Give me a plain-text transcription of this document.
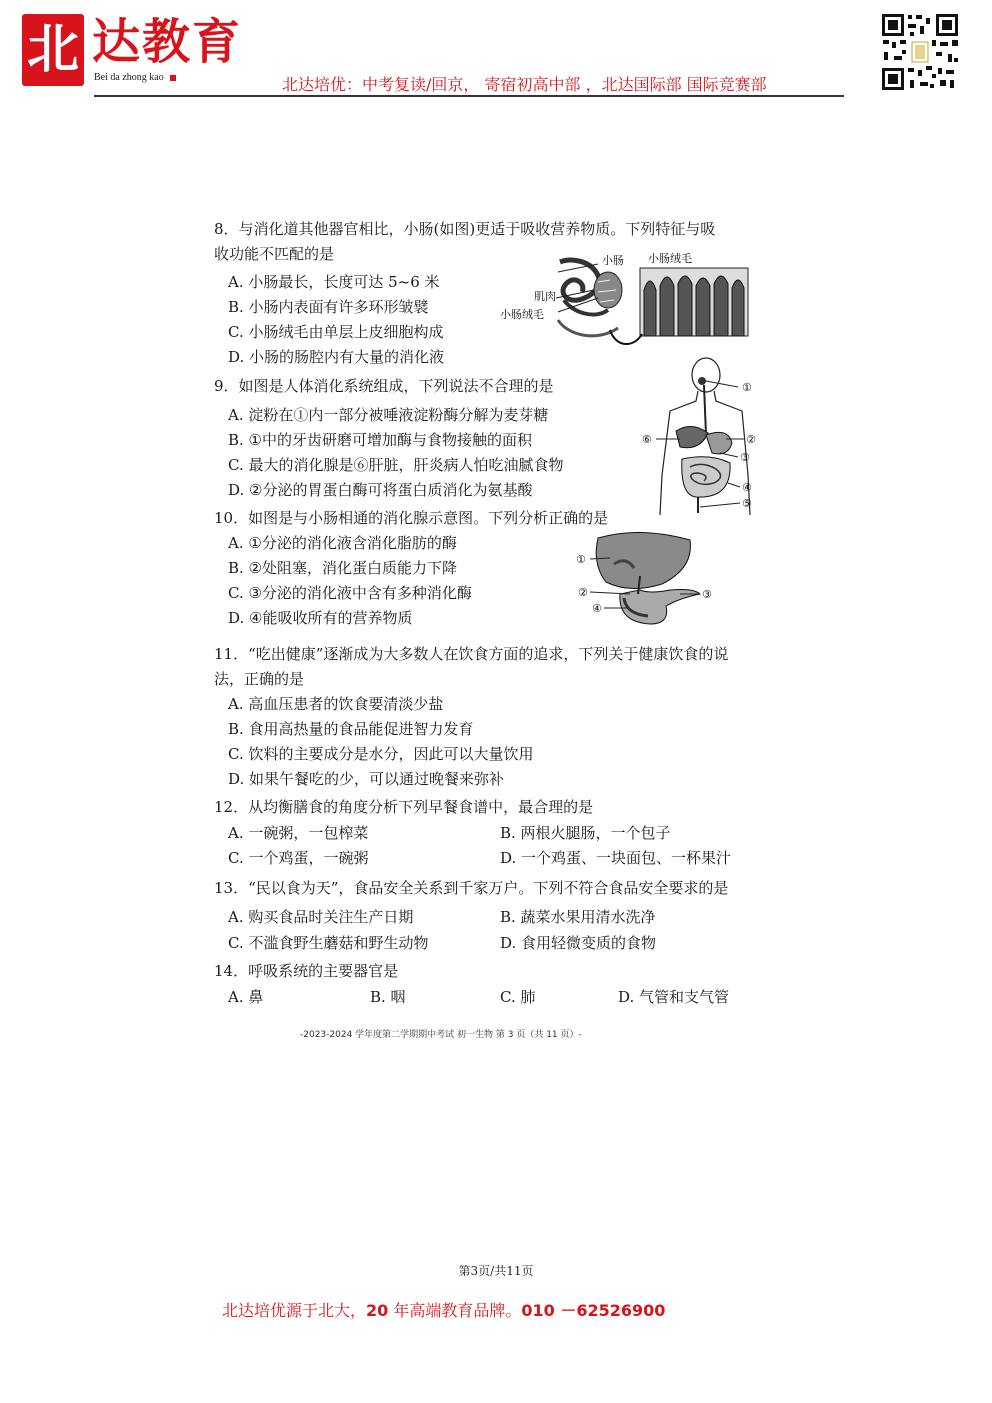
北 达教育
Bei da zhong kao	北达培优：中考复读/回京， 寄宿初高中部 ，北达国际部 国际竞赛部
8．与消化道其他器官相比，小肠(如图)更适于吸收营养物质。下列特征与吸
收功能不匹配的是
A. 小肠最长，长度可达 5~6 米
B. 小肠内表面有许多环形皱襞
C. 小肠绒毛由单层上皮细胞构成
D. 小肠的肠腔内有大量的消化液
小肠
肌肉
小肠绒毛
小肠绒毛
9．如图是人体消化系统组成，下列说法不合理的是
A. 淀粉在①内一部分被唾液淀粉酶分解为麦芽糖
B. ①中的牙齿研磨可增加酶与食物接触的面积
C. 最大的消化腺是⑥肝脏，肝炎病人怕吃油腻食物
D. ②分泌的胃蛋白酶可将蛋白质消化为氨基酸
①
②
③
④
⑤
⑥
10．如图是与小肠相通的消化腺示意图。下列分析正确的是
A. ①分泌的消化液含消化脂肪的酶
B. ②处阻塞，消化蛋白质能力下降
C. ③分泌的消化液中含有多种消化酶
D. ④能吸收所有的营养物质
①
②	③
④
11．“吃出健康”逐渐成为大多数人在饮食方面的追求，下列关于健康饮食的说
法，正确的是
A. 高血压患者的饮食要清淡少盐
B. 食用高热量的食品能促进智力发育
C. 饮料的主要成分是水分，因此可以大量饮用
D. 如果午餐吃的少，可以通过晚餐来弥补
12．从均衡膳食的角度分析下列早餐食谱中，最合理的是
A. 一碗粥，一包榨菜	B. 两根火腿肠，一个包子
C. 一个鸡蛋，一碗粥	D. 一个鸡蛋、一块面包、一杯果汁
13．“民以食为天”，食品安全关系到千家万户。下列不符合食品安全要求的是
A. 购买食品时关注生产日期	B. 蔬菜水果用清水洗净
C. 不滥食野生蘑菇和野生动物	D. 食用轻微变质的食物
14．呼吸系统的主要器官是
A. 鼻	B. 咽	C. 肺	D. 气管和支气管
-2023-2024 学年度第二学期期中考试 初一生物 第 3 页（共 11 页）-
第3页/共11页
北达培优源于北大，20 年高端教育品牌。010 －62526900
